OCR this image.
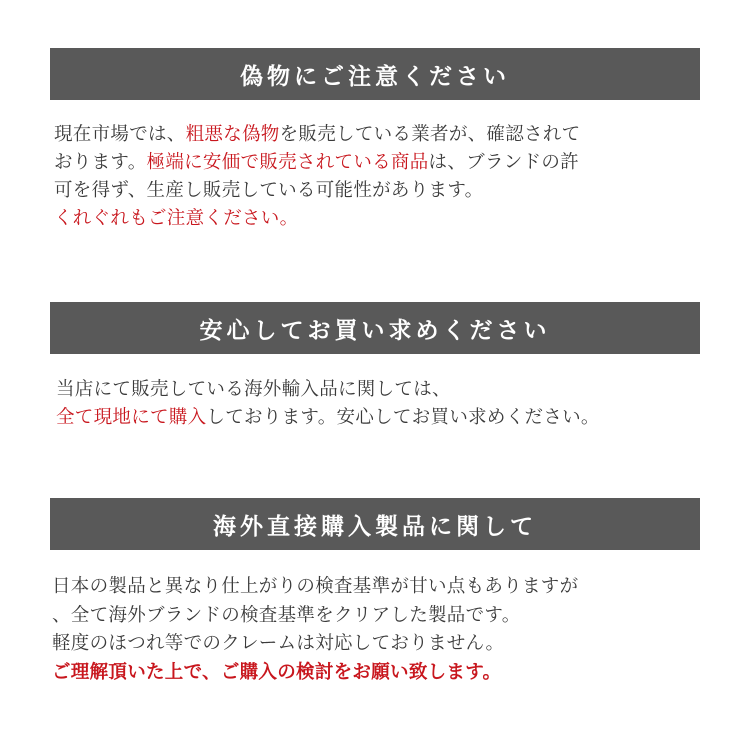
偽物にご注意ください
現在市場では、粗悪な偽物を販売している業者が、確認されて
おります。極端に安価で販売されている商品は、ブランドの許
可を得ず、生産し販売している可能性があります。
くれぐれもご注意ください。
安心してお買い求めください
当店にて販売している海外輸入品に関しては、
全て現地にて購入しております。安心してお買い求めください。
海外直接購入製品に関して
日本の製品と異なり仕上がりの検査基準が甘い点もありますが
、全て海外ブランドの検査基準をクリアした製品です。
軽度のほつれ等でのクレームは対応しておりません。
ご理解頂いた上で、ご購入の検討をお願い致します。
